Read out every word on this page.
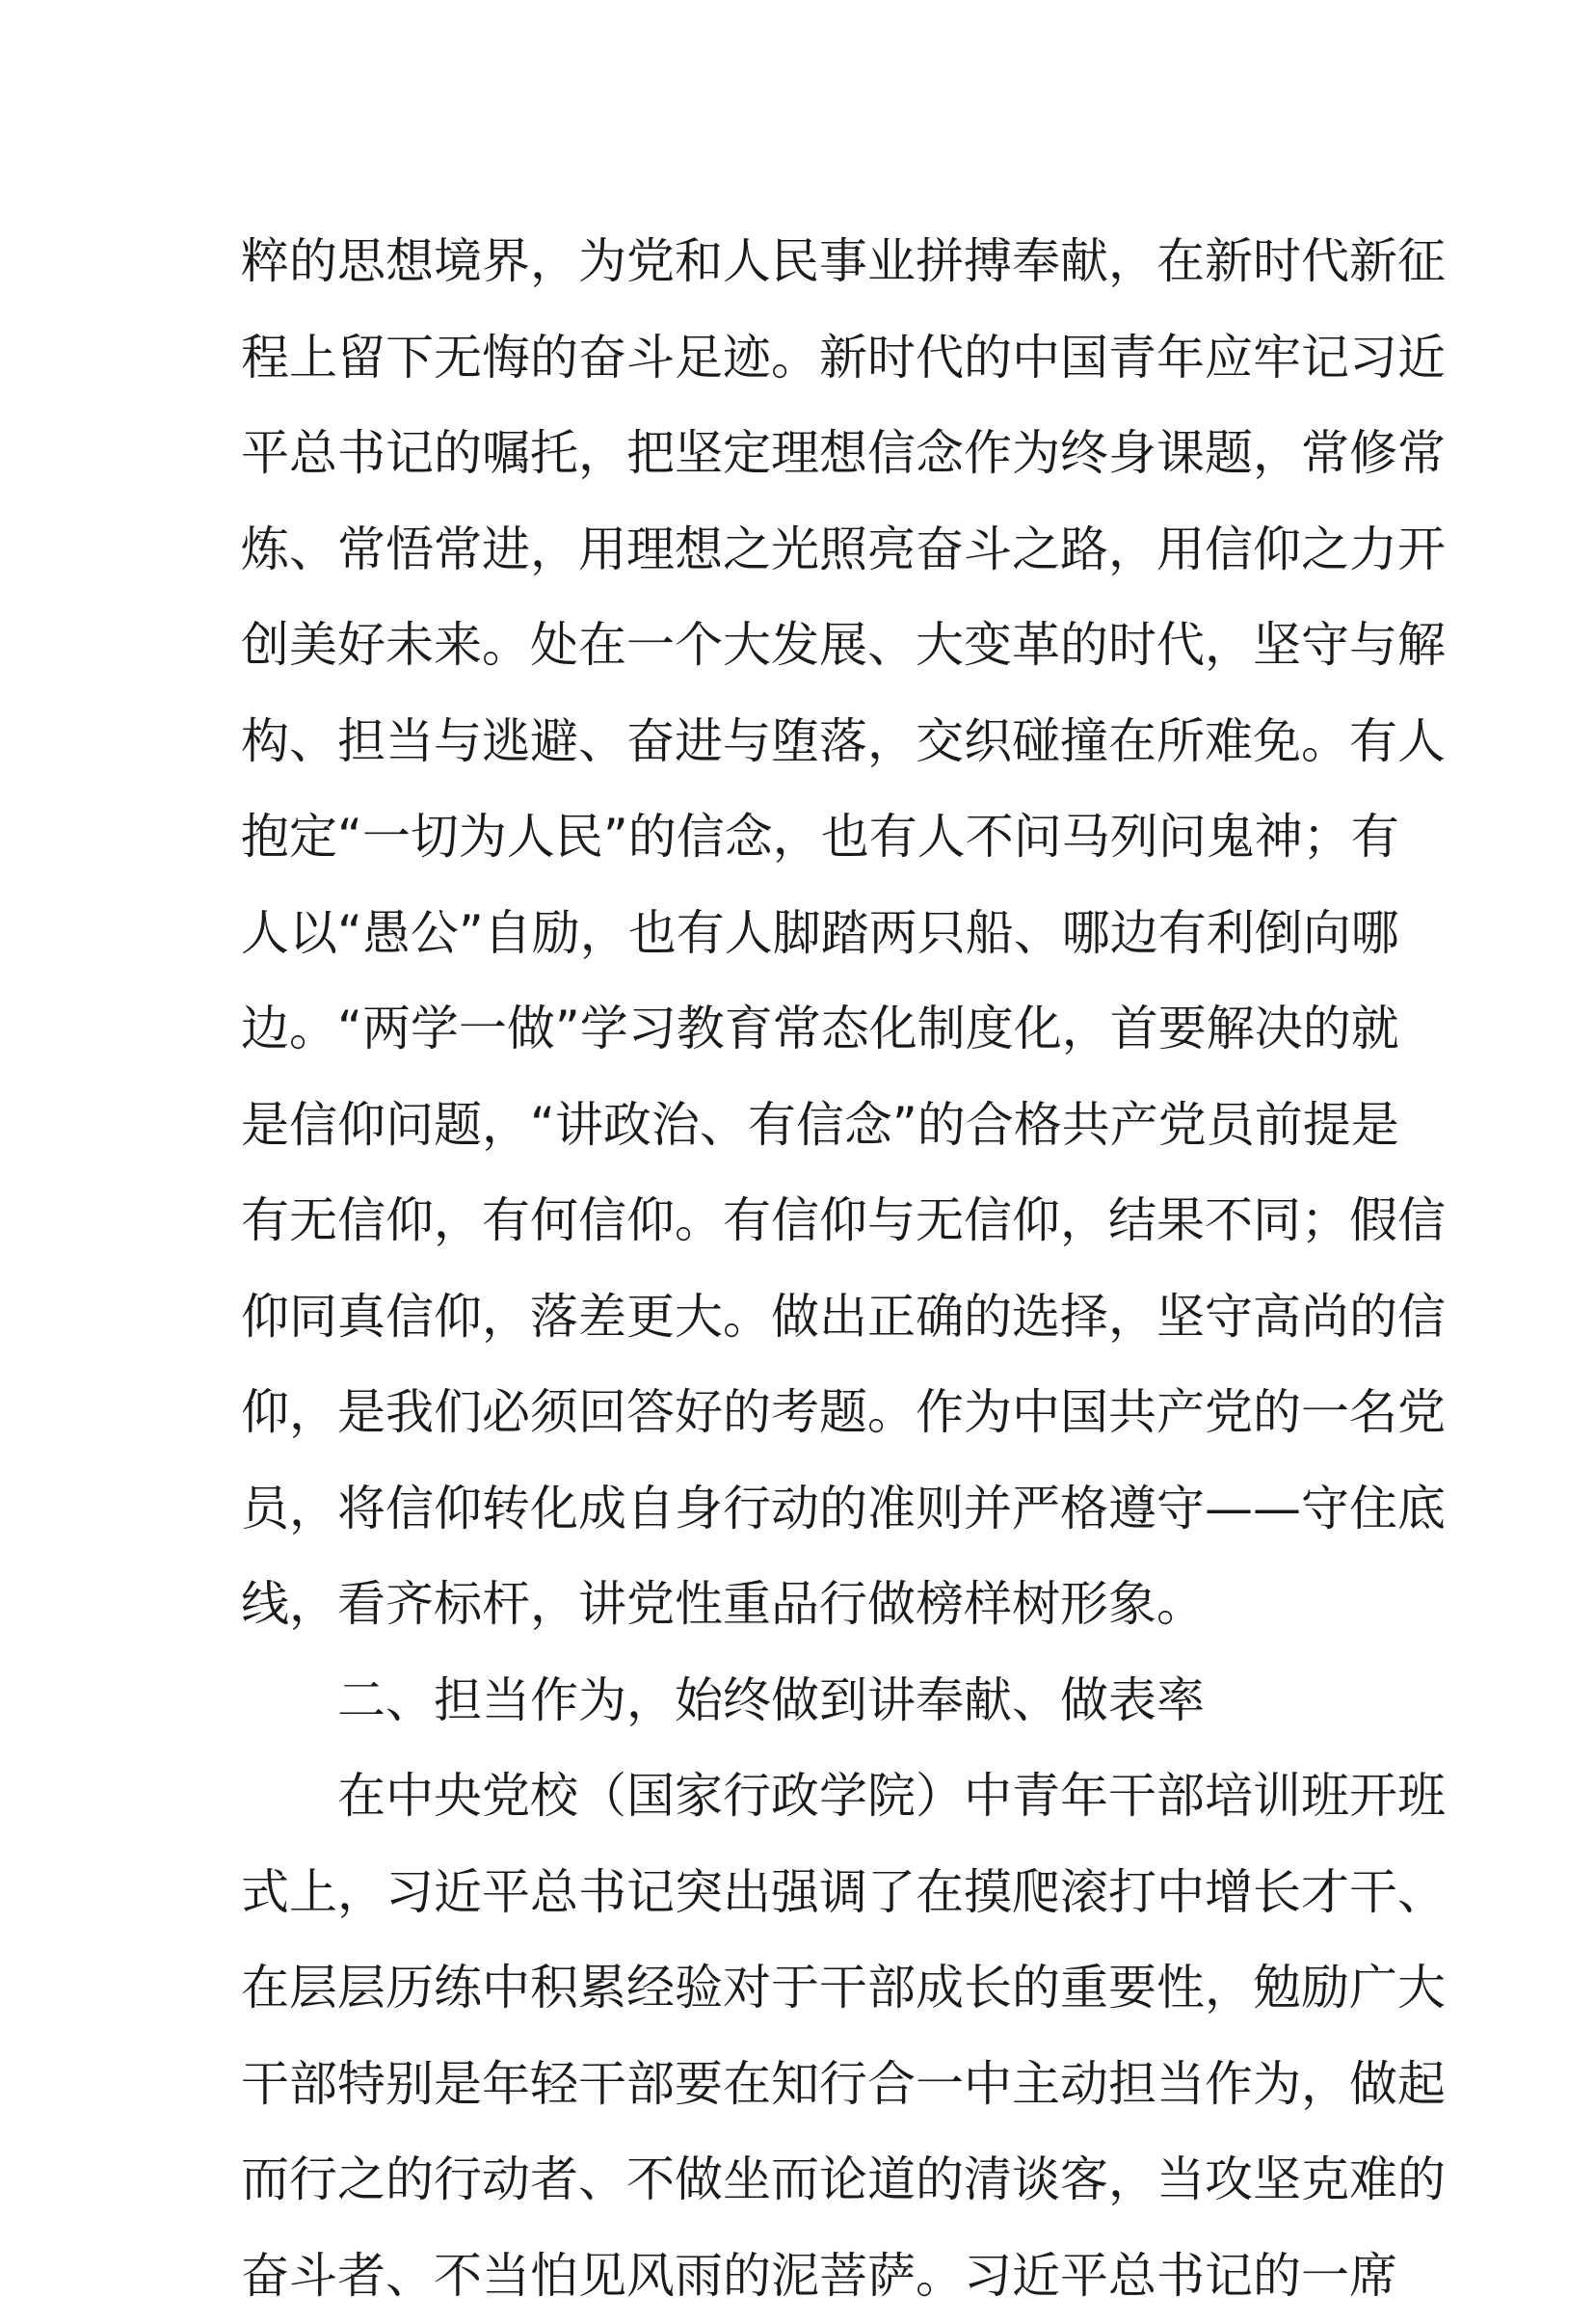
粹的思想境界，为党和人民事业拼搏奉献，在新时代新征
程上留下无悔的奋斗足迹。新时代的中国青年应牢记习近
平总书记的嘱托，把坚定理想信念作为终身课题，常修常
炼、常悟常进，用理想之光照亮奋斗之路，用信仰之力开
创美好未来。处在一个大发展、大变革的时代，坚守与解
构、担当与逃避、奋进与堕落，交织碰撞在所难免。有人
抱定“一切为人民”的信念，也有人不问马列问鬼神；有
人以“愚公”自励，也有人脚踏两只船、哪边有利倒向哪
边。“两学一做”学习教育常态化制度化，首要解决的就
是信仰问题，“讲政治、有信念”的合格共产党员前提是
有无信仰，有何信仰。有信仰与无信仰，结果不同；假信
仰同真信仰，落差更大。做出正确的选择，坚守高尚的信
仰，是我们必须回答好的考题。作为中国共产党的一名党
员，将信仰转化成自身行动的准则并严格遵守——守住底
线，看齐标杆，讲党性重品行做榜样树形象。
二、担当作为，始终做到讲奉献、做表率
在中央党校（国家行政学院）中青年干部培训班开班
式上，习近平总书记突出强调了在摸爬滚打中增长才干、
在层层历练中积累经验对于干部成长的重要性，勉励广大
干部特别是年轻干部要在知行合一中主动担当作为，做起
而行之的行动者、不做坐而论道的清谈客，当攻坚克难的
奋斗者、不当怕见风雨的泥菩萨。习近平总书记的一席
